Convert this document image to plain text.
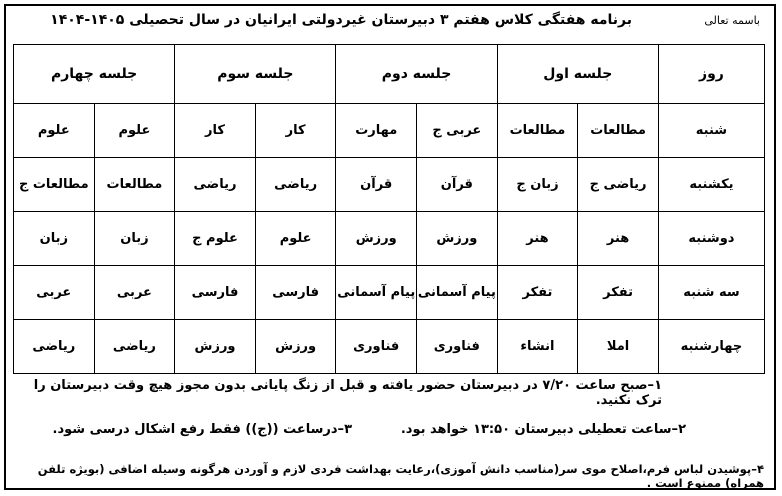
باسمه تعالی
برنامه هفتگی کلاس هفتم ۳ دبیرستان غیردولتی ایرانیان در سال تحصیلی ۱۴۰۵-۱۴۰۴
روز	جلسه اول		جلسه دوم		جلسه سوم		جلسه چهارم	
شنبه	مطالعات	مطالعات	عربی ج	مهارت	کار	کار	علوم	علوم
یکشنبه	ریاضی ج	زبان ج	قرآن	قرآن	ریاضی	ریاضی	مطالعات	مطالعات ج
دوشنبه	هنر	هنر	ورزش	ورزش	علوم	علوم ج	زبان	زبان
سه شنبه	تفکر	تفکر	پیام آسمانی	پیام آسمانی	فارسی	فارسی	عربی	عربی
چهارشنبه	املا	انشاء	فناوری	فناوری	ورزش	ورزش	ریاضی	ریاضی
۱–صبح ساعت ۷/۲۰ در دبیرستان حضور یافته و قبل از زنگ پایانی بدون مجوز هیچ وقت دبیرستان را ترک نکنید.
۲–ساعت تعطیلی دبیرستان ۱۳:۵۰ خواهد بود.
۳–درساعت ((ج)) فقط رفع اشکال درسی شود.
۴–پوشیدن لباس فرم،اصلاح موی سر(مناسب دانش آموزی)،رعایت بهداشت فردی لازم و آوردن هرگونه وسیله اضافی (بویژه تلفن همراه) ممنوع است .
